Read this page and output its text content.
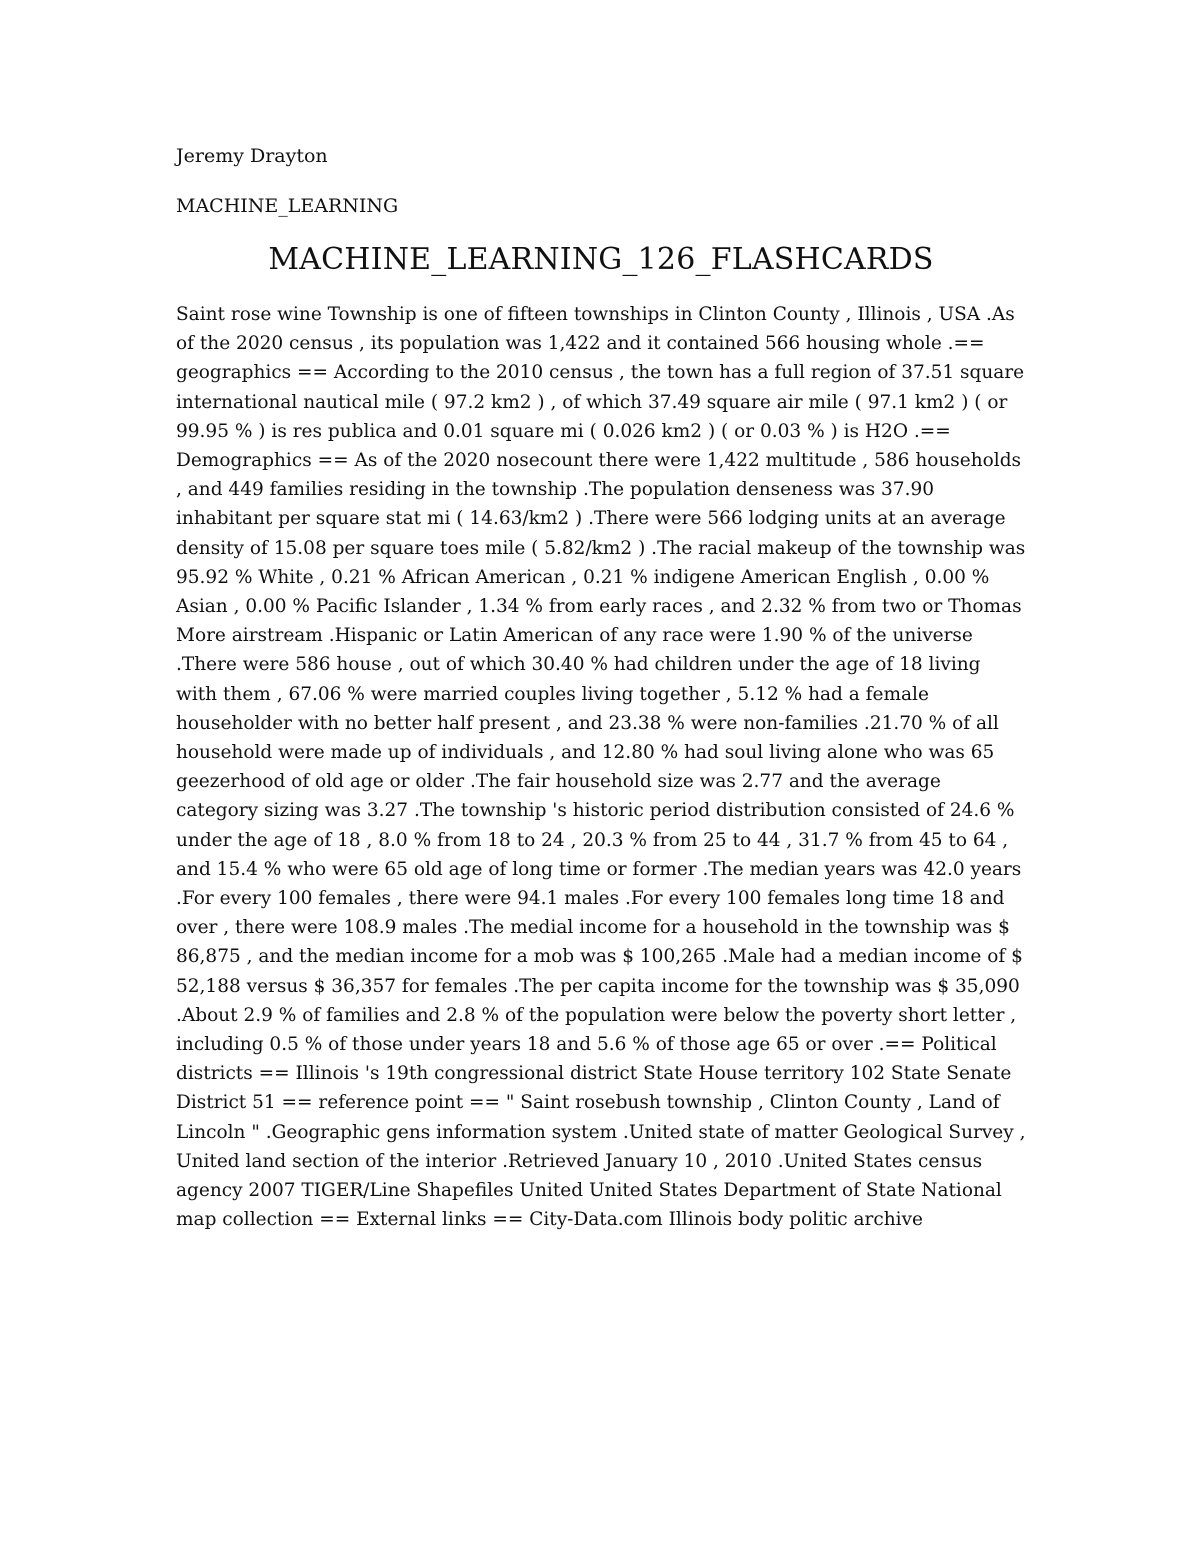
Jeremy Drayton

MACHINE_LEARNING

MACHINE_LEARNING_126_FLASHCARDS

Saint rose wine Township is one of fifteen townships in Clinton County , Illinois , USA .As of the 2020 census , its population was 1,422 and it contained 566 housing whole .== geographics == According to the 2010 census , the town has a full region of 37.51 square international nautical mile ( 97.2 km2 ) , of which 37.49 square air mile ( 97.1 km2 ) ( or 99.95 % ) is res publica and 0.01 square mi ( 0.026 km2 ) ( or 0.03 % ) is H2O .== Demographics == As of the 2020 nosecount there were 1,422 multitude , 586 households , and 449 families residing in the township .The population denseness was 37.90 inhabitant per square stat mi ( 14.63/km2 ) .There were 566 lodging units at an average density of 15.08 per square toes mile ( 5.82/km2 ) .The racial makeup of the township was 95.92 % White , 0.21 % African American , 0.21 % indigene American English , 0.00 % Asian , 0.00 % Pacific Islander , 1.34 % from early races , and 2.32 % from two or Thomas More airstream .Hispanic or Latin American of any race were 1.90 % of the universe .There were 586 house , out of which 30.40 % had children under the age of 18 living with them , 67.06 % were married couples living together , 5.12 % had a female householder with no better half present , and 23.38 % were non-families .21.70 % of all household were made up of individuals , and 12.80 % had soul living alone who was 65 geezerhood of old age or older .The fair household size was 2.77 and the average category sizing was 3.27 .The township 's historic period distribution consisted of 24.6 % under the age of 18 , 8.0 % from 18 to 24 , 20.3 % from 25 to 44 , 31.7 % from 45 to 64 , and 15.4 % who were 65 old age of long time or former .The median years was 42.0 years .For every 100 females , there were 94.1 males .For every 100 females long time 18 and over , there were 108.9 males .The medial income for a household in the township was $ 86,875 , and the median income for a mob was $ 100,265 .Male had a median income of $ 52,188 versus $ 36,357 for females .The per capita income for the township was $ 35,090 .About 2.9 % of families and 2.8 % of the population were below the poverty short letter , including 0.5 % of those under years 18 and 5.6 % of those age 65 or over .== Political districts == Illinois 's 19th congressional district State House territory 102 State Senate District 51 == reference point == " Saint rosebush township , Clinton County , Land of Lincoln " .Geographic gens information system .United state of matter Geological Survey , United land section of the interior .Retrieved January 10 , 2010 .United States census agency 2007 TIGER/Line Shapefiles United United States Department of State National map collection == External links == City-Data.com Illinois body politic archive
